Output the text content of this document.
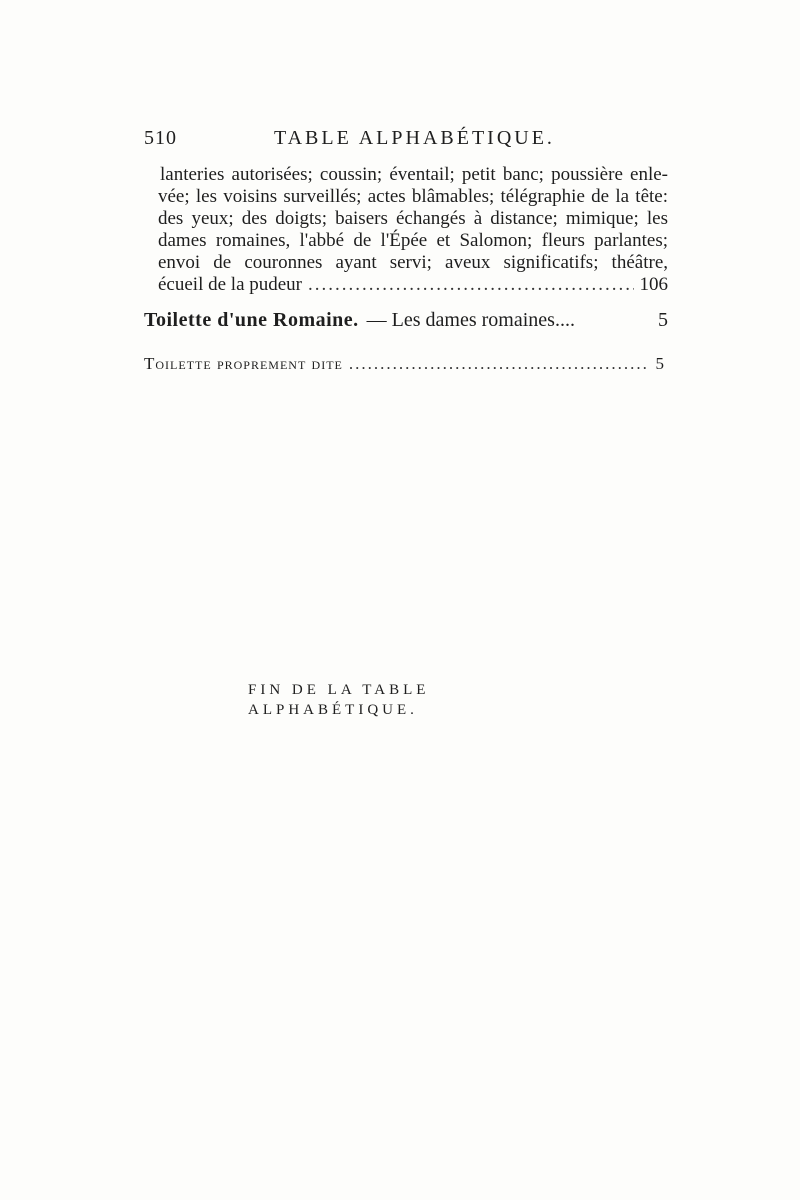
510	TABLE ALPHABÉTIQUE.
lanteries autorisées; coussin; éventail; petit banc; poussière enle-
vée; les voisins surveillés; actes blâmables; télégraphie de la tête:
des yeux; des doigts; baisers échangés à distance; mimique; les
dames romaines, l'abbé de l'Épée et Salomon; fleurs parlantes;
envoi de couronnes ayant servi; aveux significatifs; théâtre,
écueil de la pudeur .....	106
Toilette d'une Romaine. — Les dames romaines....	5
Toilette proprement dite .....	5
FIN DE LA TABLE ALPHABÉTIQUE.
